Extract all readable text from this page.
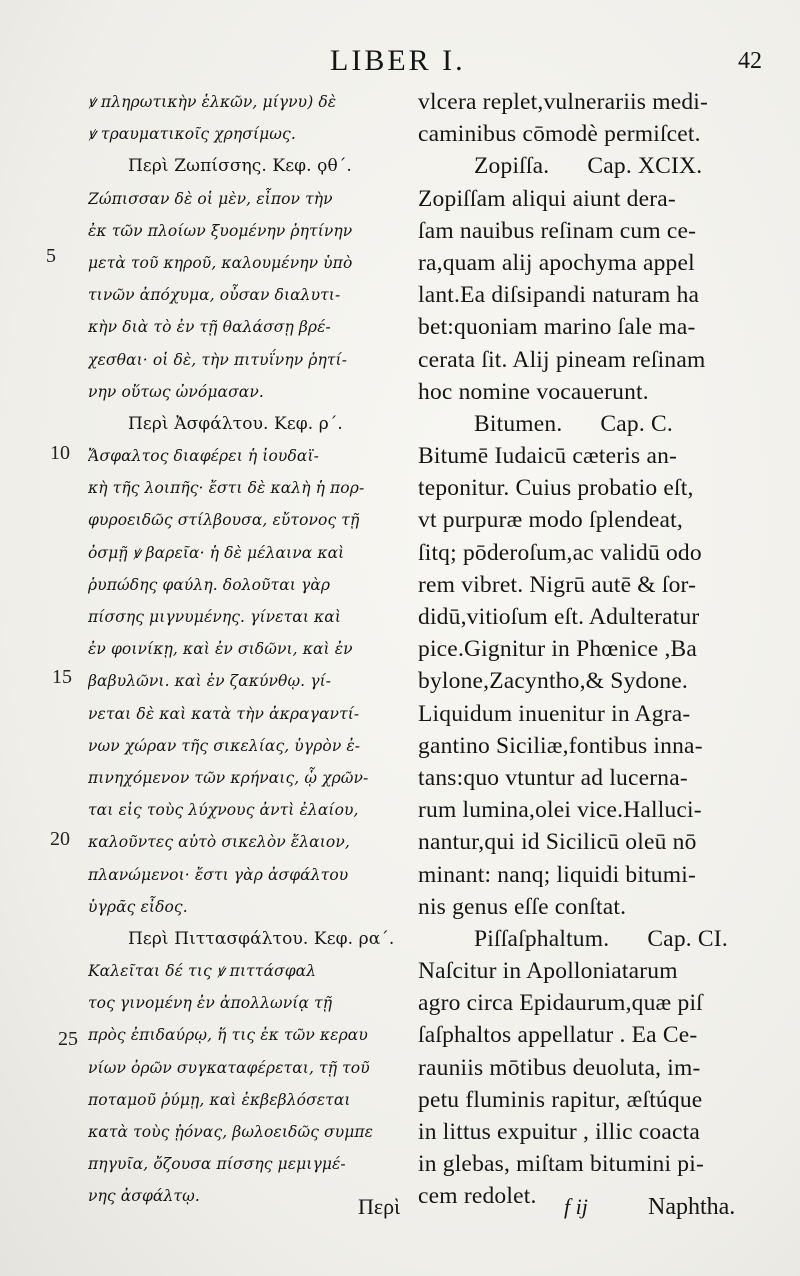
LIBER I.	42
ꝟ πληρωτικὴν ἑλκῶν, μίγνυ) δὲ
ꝟ τραυματικοῖς χρησίμως.
Περὶ Ζωπίσσης. Κεφ. ϙθ΄.
Ζώπισσαν δὲ οἱ μὲν, εἶπον τὴν
ἐκ τῶν πλοίων ξυομένην ῥητίνην
μετὰ τοῦ κηροῦ, καλουμένην ὑπὸ
τινῶν ἀπόχυμα, οὖσαν διαλυτι-
κὴν διὰ τὸ ἐν τῇ θαλάσσῃ βρέ-
χεσθαι· οἱ δὲ, τὴν πιτυΐνην ῥητί-
νην οὕτως ὠνόμασαν.
Περὶ Ἀσφάλτου. Κεφ. ρ΄.
Ἄσφαλτος διαφέρει ἡ ἰουδαϊ-
κὴ τῆς λοιπῆς· ἔστι δὲ καλὴ ἡ πορ-
φυροειδῶς στίλβουσα, εὔτονος τῇ
ὀσμῇ ꝟ βαρεῖα· ἡ δὲ μέλαινα καὶ
ῥυπώδης φαύλη. δολοῦται γὰρ
πίσσης μιγνυμένης. γίνεται καὶ
ἐν φοινίκῃ, καὶ ἐν σιδῶνι, καὶ ἐν
βαβυλῶνι. καὶ ἐν ζακύνθῳ. γί-
νεται δὲ καὶ κατὰ τὴν ἀκραγαντί-
νων χώραν τῆς σικελίας, ὑγρὸν ἐ-
πινηχόμενον τῶν κρήναις, ᾧ χρῶν-
ται εἰς τοὺς λύχνους ἀντὶ ἐλαίου,
καλοῦντες αὐτὸ σικελὸν ἔλαιον,
πλανώμενοι· ἔστι γὰρ ἀσφάλτου
ὑγρᾶς εἶδος.
Περὶ Πιττασφάλτου. Κεφ. ρα΄.
Καλεῖται δέ τις ꝟ πιττάσφαλ
τος γινομένη ἐν ἀπολλωνίᾳ τῇ
πρὸς ἐπιδαύρῳ, ἥ τις ἐκ τῶν κεραυ
νίων ὀρῶν συγκαταφέρεται, τῇ τοῦ
ποταμοῦ ῥύμῃ, καὶ ἐκβεβλόσεται
κατὰ τοὺς ᾐόνας, βωλοειδῶς συμπε
πηγυῖα, ὄζουσα πίσσης μεμιγμέ-
νης ἀσφάλτῳ.
vlcera replet,vulnerariis medi-
caminibus cōmodè permiſcet.
Zopiſſa. Cap. XCIX.
Zopiſſam aliqui aiunt dera-
ſam nauibus reſinam cum ce-
ra,quam alij apochyma appel
lant.Ea diſsipandi naturam ha
bet:quoniam marino ſale ma-
cerata ſit. Alij pineam reſinam
hoc nomine vocauerunt.
Bitumen. Cap. C.
Bitumē Iudaicū cæteris an-
teponitur. Cuius probatio eſt,
vt purpuræ modo ſplendeat,
ſitq; pōderoſum,ac validū odo
rem vibret. Nigrū autē & ſor-
didū,vitioſum eſt. Adulteratur
pice.Gignitur in Phœnice ,Ba
bylone,Zacyntho,& Sydone.
Liquidum inuenitur in Agra-
gantino Siciliæ,fontibus inna-
tans:quo vtuntur ad lucerna-
rum lumina,olei vice.Halluci-
nantur,qui id Sicilicū oleū nō
minant: nanq; liquidi bitumi-
nis genus eſſe conſtat.
Piſſaſphaltum. Cap. CI.
Naſcitur in Apolloniatarum
agro circa Epidaurum,quæ piſ
ſaſphaltos appellatur . Ea Ce-
rauniis mōtibus deuoluta, im-
petu fluminis rapitur, æſtúque
in littus expuitur , illic coacta
in glebas, miſtam bitumini pi-
cem redolet.
5
10
15
20
25
Περὶ	f ij	Naphtha.
